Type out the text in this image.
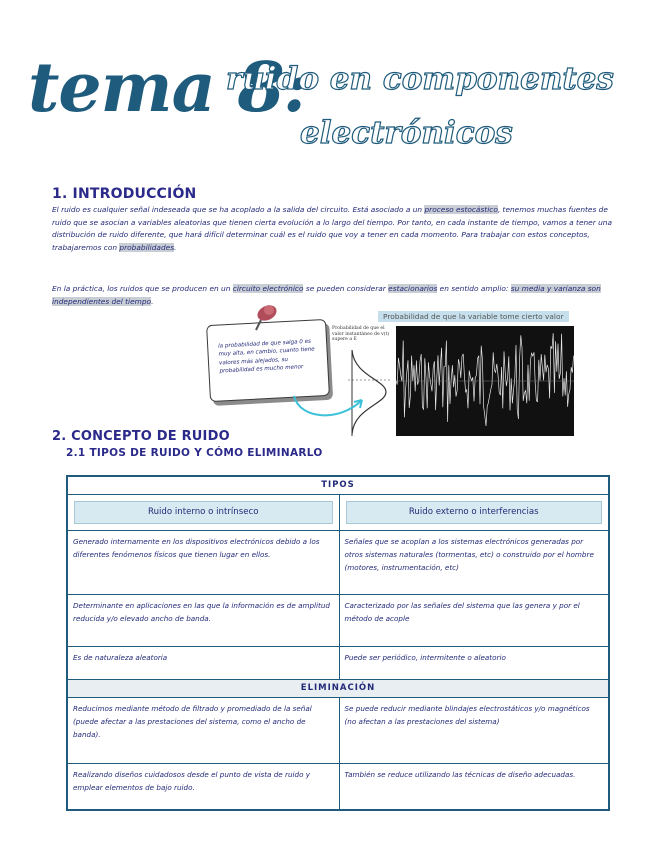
tema 8:
ruido en componentes
electrónicos
1. INTRODUCCIÓN
El ruido es cualquier señal indeseada que se ha acoplado a la salida del circuito. Está asociado a un proceso estocástico, tenemos muchas fuentes de ruido que se asocian a variables aleatorias que tienen cierta evolución a lo largo del tiempo. Por tanto, en cada instante de tiempo, vamos a tener una distribución de ruido diferente, que hará difícil determinar cuál es el ruido que voy a tener en cada momento. Para trabajar con estos conceptos, trabajaremos con probabilidades.
En la práctica, los ruidos que se producen en un circuito electrónico se pueden considerar estacionarios en sentido amplio: su media y varianza son independientes del tiempo.
la probabilidad de que salga 0 es muy alta, en cambio, cuanto tiene valores más alejados, su probabilidad es mucho menor
Probabilidad de que la variable tome cierto valor
Probabilidad de que el valor instantáneo de v(t) supere a E
2. CONCEPTO DE RUIDO
2.1 TIPOS DE RUIDO Y CÓMO ELIMINARLO
TIPOS	

Ruido interno o intrínseco	Ruido externo o interferencias

Generado internamente en los dispositivos electrónicos debido a los diferentes fenómenos físicos que tienen lugar en ellos.	Señales que se acoplan a los sistemas electrónicos generadas por otros sistemas naturales (tormentas, etc) o construido por el hombre (motores, instrumentación, etc)
Determinante en aplicaciones en las que la información es de amplitud reducida y/o elevado ancho de banda.	Caracterizado por las señales del sistema que las genera y por el método de acople
Es de naturaleza aleatoria	Puede ser periódico, intermitente o aleatorio
ELIMINACIÓN	
Reducimos mediante método de filtrado y promediado de la señal (puede afectar a las prestaciones del sistema, como el ancho de banda).	Se puede reducir mediante blindajes electrostáticos y/o magnéticos (no afectan a las prestaciones del sistema)
Realizando diseños cuidadosos desde el punto de vista de ruido y emplear elementos de bajo ruido.	También se reduce utilizando las técnicas de diseño adecuadas.
